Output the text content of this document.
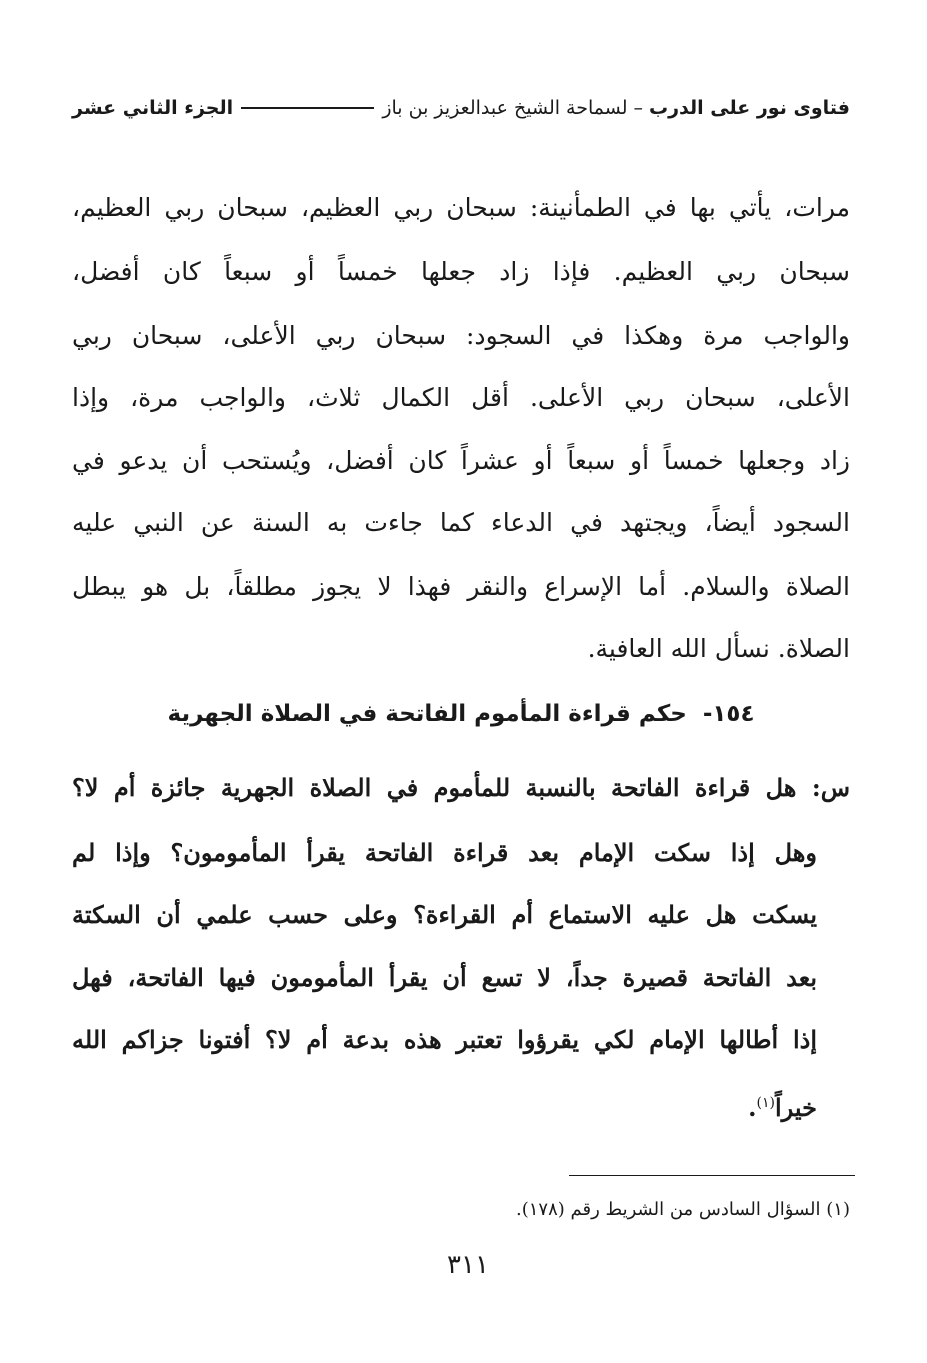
فتاوى نور على الدرب
–
لسماحة الشيخ عبدالعزيز بن باز
الجزء الثاني عشر
مرات، يأتي بها في الطمأنينة: سبحان ربي العظيم، سبحان ربي العظيم،
سبحان ربي العظيم. فإذا زاد جعلها خمساً أو سبعاً كان أفضل،
والواجب مرة وهكذا في السجود: سبحان ربي الأعلى، سبحان ربي
الأعلى، سبحان ربي الأعلى. أقل الكمال ثلاث، والواجب مرة، وإذا
زاد وجعلها خمساً أو سبعاً أو عشراً كان أفضل، ويُستحب أن يدعو في
السجود أيضاً، ويجتهد في الدعاء كما جاءت به السنة عن النبي عليه
الصلاة والسلام. أما الإسراع والنقر فهذا لا يجوز مطلقاً، بل هو يبطل
الصلاة. نسأل الله العافية.
١٥٤-
حكم قراءة المأموم الفاتحة في الصلاة الجهرية
س: هل قراءة الفاتحة بالنسبة للمأموم في الصلاة الجهرية جائزة أم لا؟
وهل إذا سكت الإمام بعد قراءة الفاتحة يقرأ المأمومون؟ وإذا لم
يسكت هل عليه الاستماع أم القراءة؟ وعلى حسب علمي أن السكتة
بعد الفاتحة قصيرة جداً، لا تسع أن يقرأ المأمومون فيها الفاتحة، فهل
إذا أطالها الإمام لكي يقرؤوا تعتبر هذه بدعة أم لا؟ أفتونا جزاكم الله
خيراً$^{(١)}$.
(١) السؤال السادس من الشريط رقم (١٧٨).
٣١١
